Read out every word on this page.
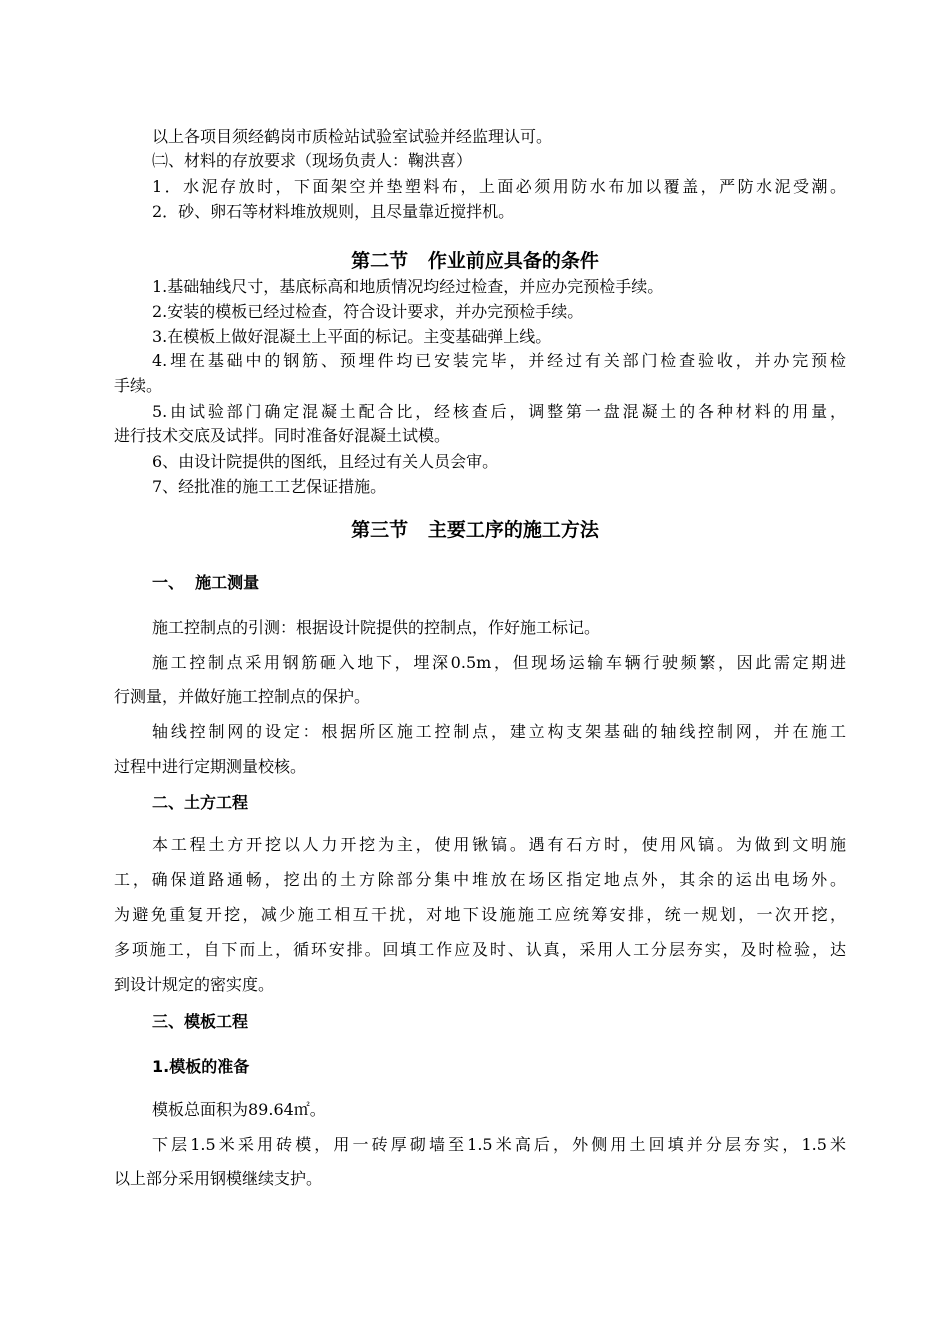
以上各项目须经鹤岗市质检站试验室试验并经监理认可。
㈡、材料的存放要求（现场负责人：鞠洪喜）
1．水泥存放时，下面架空并垫塑料布，上面必须用防水布加以覆盖，严防水泥受潮。
2．砂、卵石等材料堆放规则，且尽量靠近搅拌机。
第二节   作业前应具备的条件
1.基础轴线尺寸，基底标高和地质情况均经过检查，并应办完预检手续。
2.安装的模板已经过检查，符合设计要求，并办完预检手续。
3.在模板上做好混凝土上平面的标记。主变基础弹上线。
4.埋在基础中的钢筋、预埋件均已安装完毕，并经过有关部门检查验收，并办完预检
手续。
5.由试验部门确定混凝土配合比，经核查后，调整第一盘混凝土的各种材料的用量，
进行技术交底及试拌。同时准备好混凝土试模。
6、由设计院提供的图纸，且经过有关人员会审。
7、经批准的施工工艺保证措施。
第三节   主要工序的施工方法
一、  施工测量
施工控制点的引测：根据设计院提供的控制点，作好施工标记。
施工控制点采用钢筋砸入地下，埋深0.5m，但现场运输车辆行驶频繁，因此需定期进
行测量，并做好施工控制点的保护。
轴线控制网的设定：根据所区施工控制点，建立构支架基础的轴线控制网，并在施工
过程中进行定期测量校核。
二、土方工程
本工程土方开挖以人力开挖为主，使用锹镐。遇有石方时，使用风镐。为做到文明施
工，确保道路通畅，挖出的土方除部分集中堆放在场区指定地点外，其余的运出电场外。
为避免重复开挖，减少施工相互干扰，对地下设施施工应统筹安排，统一规划，一次开挖，
多项施工，自下而上，循环安排。回填工作应及时、认真，采用人工分层夯实，及时检验，达
到设计规定的密实度。
三、模板工程
1.模板的准备
模板总面积为89.64㎡。
下层1.5米采用砖模，用一砖厚砌墙至1.5米高后，外侧用土回填并分层夯实，1.5米
以上部分采用钢模继续支护。
